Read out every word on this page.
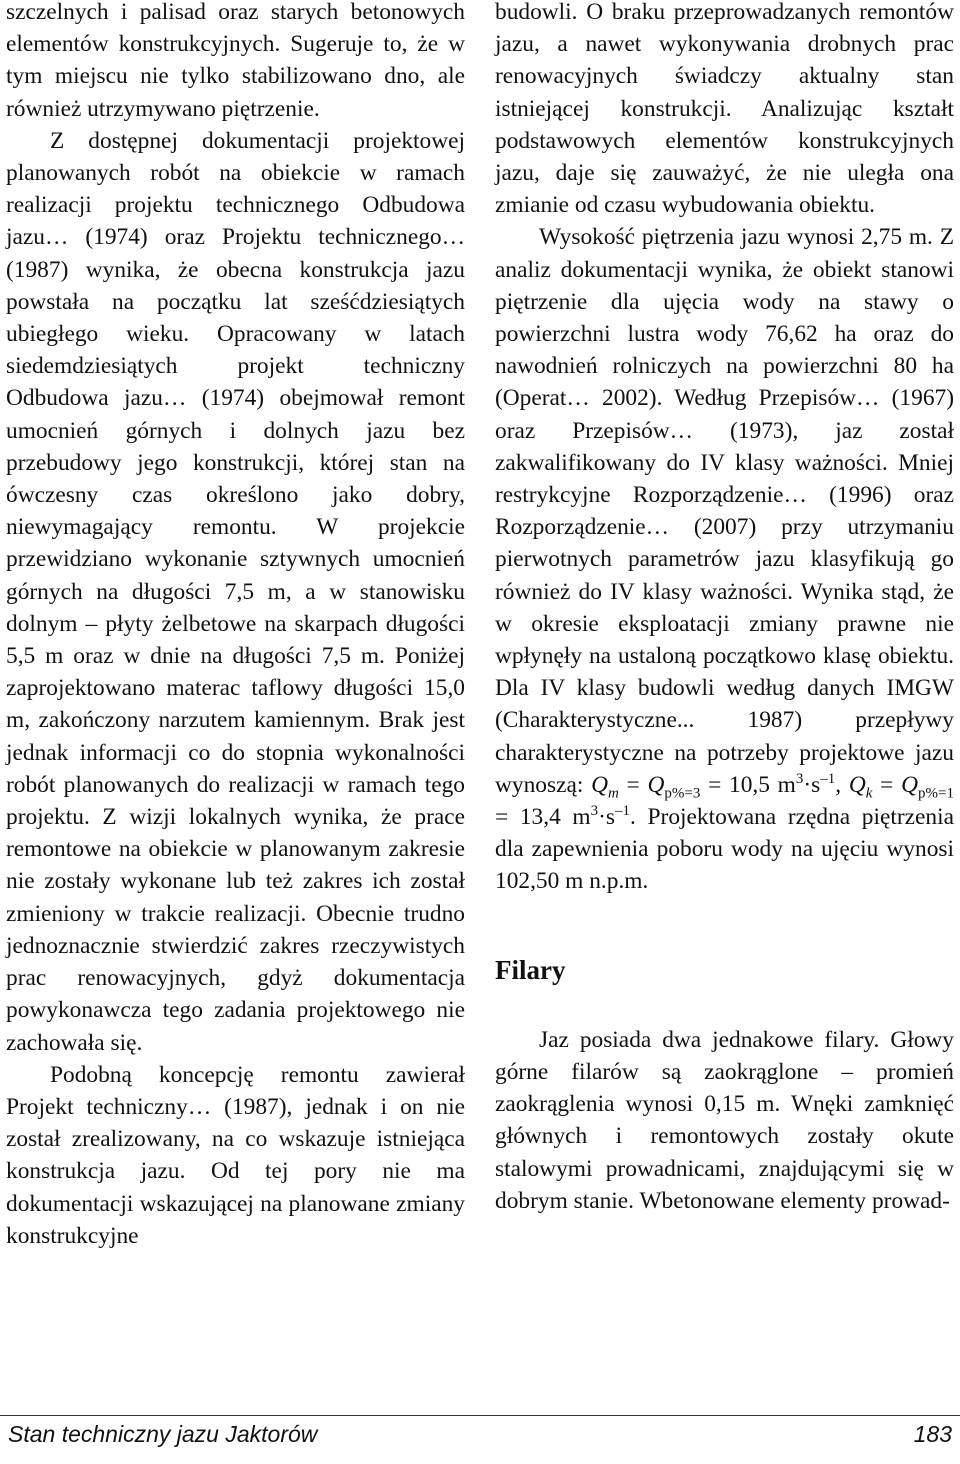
szczelnych i palisad oraz starych betonowych elementów konstrukcyjnych. Sugeruje to, że w tym miejscu nie tylko stabilizowano dno, ale również utrzymywano piętrzenie.

Z dostępnej dokumentacji projektowej planowanych robót na obiekcie w ramach realizacji projektu technicznego Odbudowa jazu… (1974) oraz Projektu technicznego… (1987) wynika, że obecna konstrukcja jazu powstała na początku lat sześćdziesiątych ubiegłego wieku. Opracowany w latach siedemdziesiątych projekt techniczny Odbudowa jazu… (1974) obejmował remont umocnień górnych i dolnych jazu bez przebudowy jego konstrukcji, której stan na ówczesny czas określono jako dobry, niewymagający remontu. W projekcie przewidziano wykonanie sztywnych umocnień górnych na długości 7,5 m, a w stanowisku dolnym – płyty żelbetowe na skarpach długości 5,5 m oraz w dnie na długości 7,5 m. Poniżej zaprojektowano materac taflowy długości 15,0 m, zakończony narzutem kamiennym. Brak jest jednak informacji co do stopnia wykonalności robót planowanych do realizacji w ramach tego projektu. Z wizji lokalnych wynika, że prace remontowe na obiekcie w planowanym zakresie nie zostały wykonane lub też zakres ich został zmieniony w trakcie realizacji. Obecnie trudno jednoznacznie stwierdzić zakres rzeczywistych prac renowacyjnych, gdyż dokumentacja powykonawcza tego zadania projektowego nie zachowała się.

Podobną koncepcję remontu zawierał Projekt techniczny… (1987), jednak i on nie został zrealizowany, na co wskazuje istniejąca konstrukcja jazu. Od tej pory nie ma dokumentacji wskazującej na planowane zmiany konstrukcyjne

budowli. O braku przeprowadzanych remontów jazu, a nawet wykonywania drobnych prac renowacyjnych świadczy aktualny stan istniejącej konstrukcji. Analizując kształt podstawowych elementów konstrukcyjnych jazu, daje się zauważyć, że nie uległa ona zmianie od czasu wybudowania obiektu.

Wysokość piętrzenia jazu wynosi 2,75 m. Z analiz dokumentacji wynika, że obiekt stanowi piętrzenie dla ujęcia wody na stawy o powierzchni lustra wody 76,62 ha oraz do nawodnień rolniczych na powierzchni 80 ha (Operat… 2002). Według Przepisów… (1967) oraz Przepisów… (1973), jaz został zakwalifikowany do IV klasy ważności. Mniej restrykcyjne Rozporządzenie… (1996) oraz Rozporządzenie… (2007) przy utrzymaniu pierwotnych parametrów jazu klasyfikują go również do IV klasy ważności. Wynika stąd, że w okresie eksploatacji zmiany prawne nie wpłynęły na ustaloną początkowo klasę obiektu. Dla IV klasy budowli według danych IMGW (Charakterystyczne... 1987) przepływy charakterystyczne na potrzeby projektowe jazu wynoszą: $Q_m = Q_{p\%=3} = 10,5$ $m^3\cdot s^{-1}$, $Q_k = Q_{p\%=1} = 13,4$ $m^3\cdot s^{-1}$. Projektowana rzędna piętrzenia dla zapewnienia poboru wody na ujęciu wynosi 102,50 m n.p.m.

Filary

Jaz posiada dwa jednakowe filary. Głowy górne filarów są zaokrąglone – promień zaokrąglenia wynosi 0,15 m. Wnęki zamknięć głównych i remontowych zostały okute stalowymi prowadnicami, znajdującymi się w dobrym stanie. Wbetonowane elementy prowad-

Stan techniczny jazu Jaktorów	183
